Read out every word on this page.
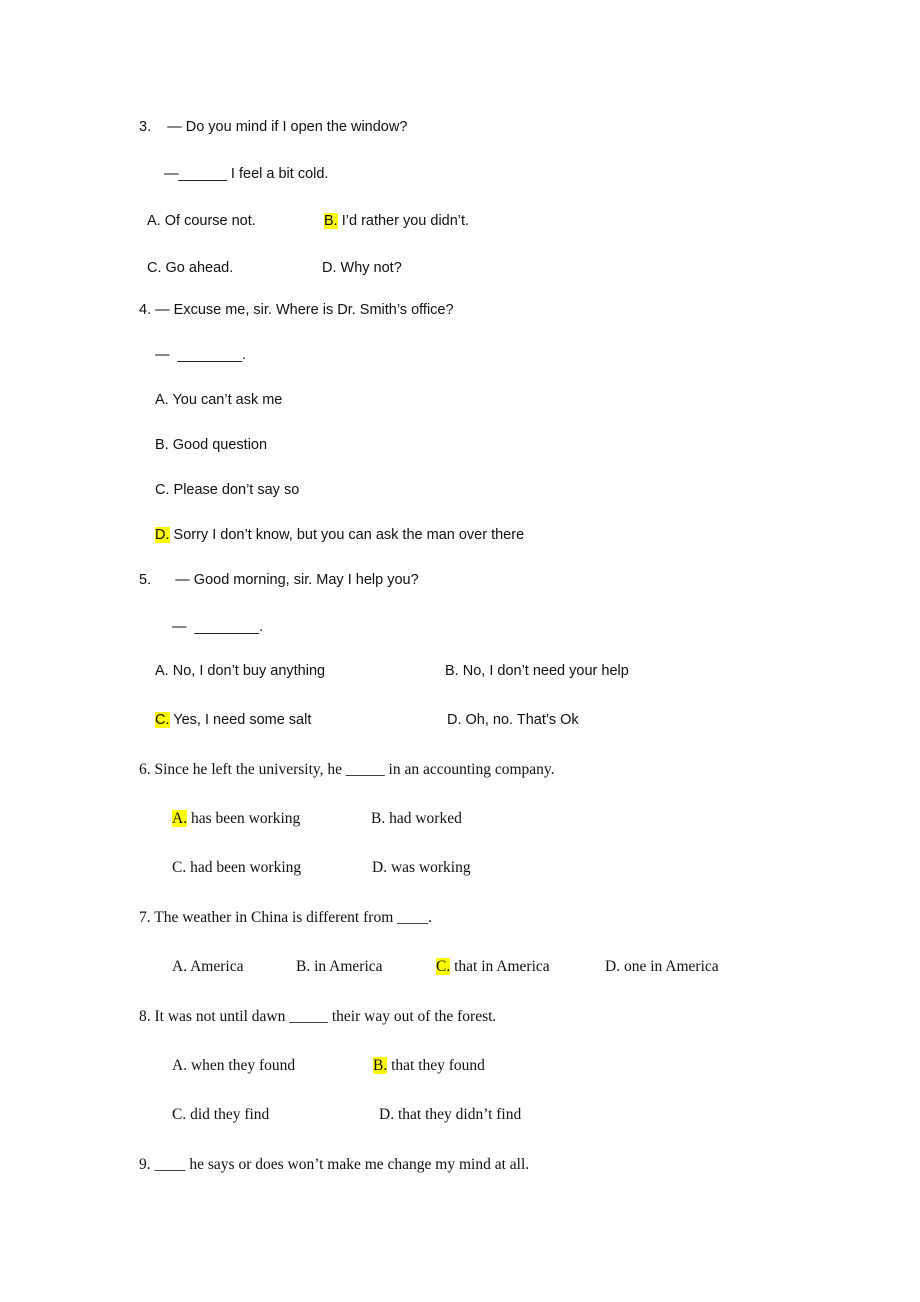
3.    — Do you mind if I open the window?
—______ I feel a bit cold.
A. Of course not.	B. I’d rather you didn’t.
C. Go ahead.	D. Why not?
4. — Excuse me, sir. Where is Dr. Smith’s office?
—  ________.
A. You can’t ask me
B. Good question
C. Please don’t say so
D. Sorry I don’t know, but you can ask the man over there
5.      — Good morning, sir. May I help you?
—  ________.
A. No, I don’t buy anything	B. No, I don’t need your help
C. Yes, I need some salt	D. Oh, no. That’s Ok
6. Since he left the university, he _____ in an accounting company.
A. has been working	B. had worked
C. had been working	D. was working
7. The weather in China is different from ____.
A. America	B. in America	C. that in America	D. one in America
8. It was not until dawn _____ their way out of the forest.
A. when they found	B. that they found
C. did they find	D. that they didn’t find
9. ____ he says or does won’t make me change my mind at all.
